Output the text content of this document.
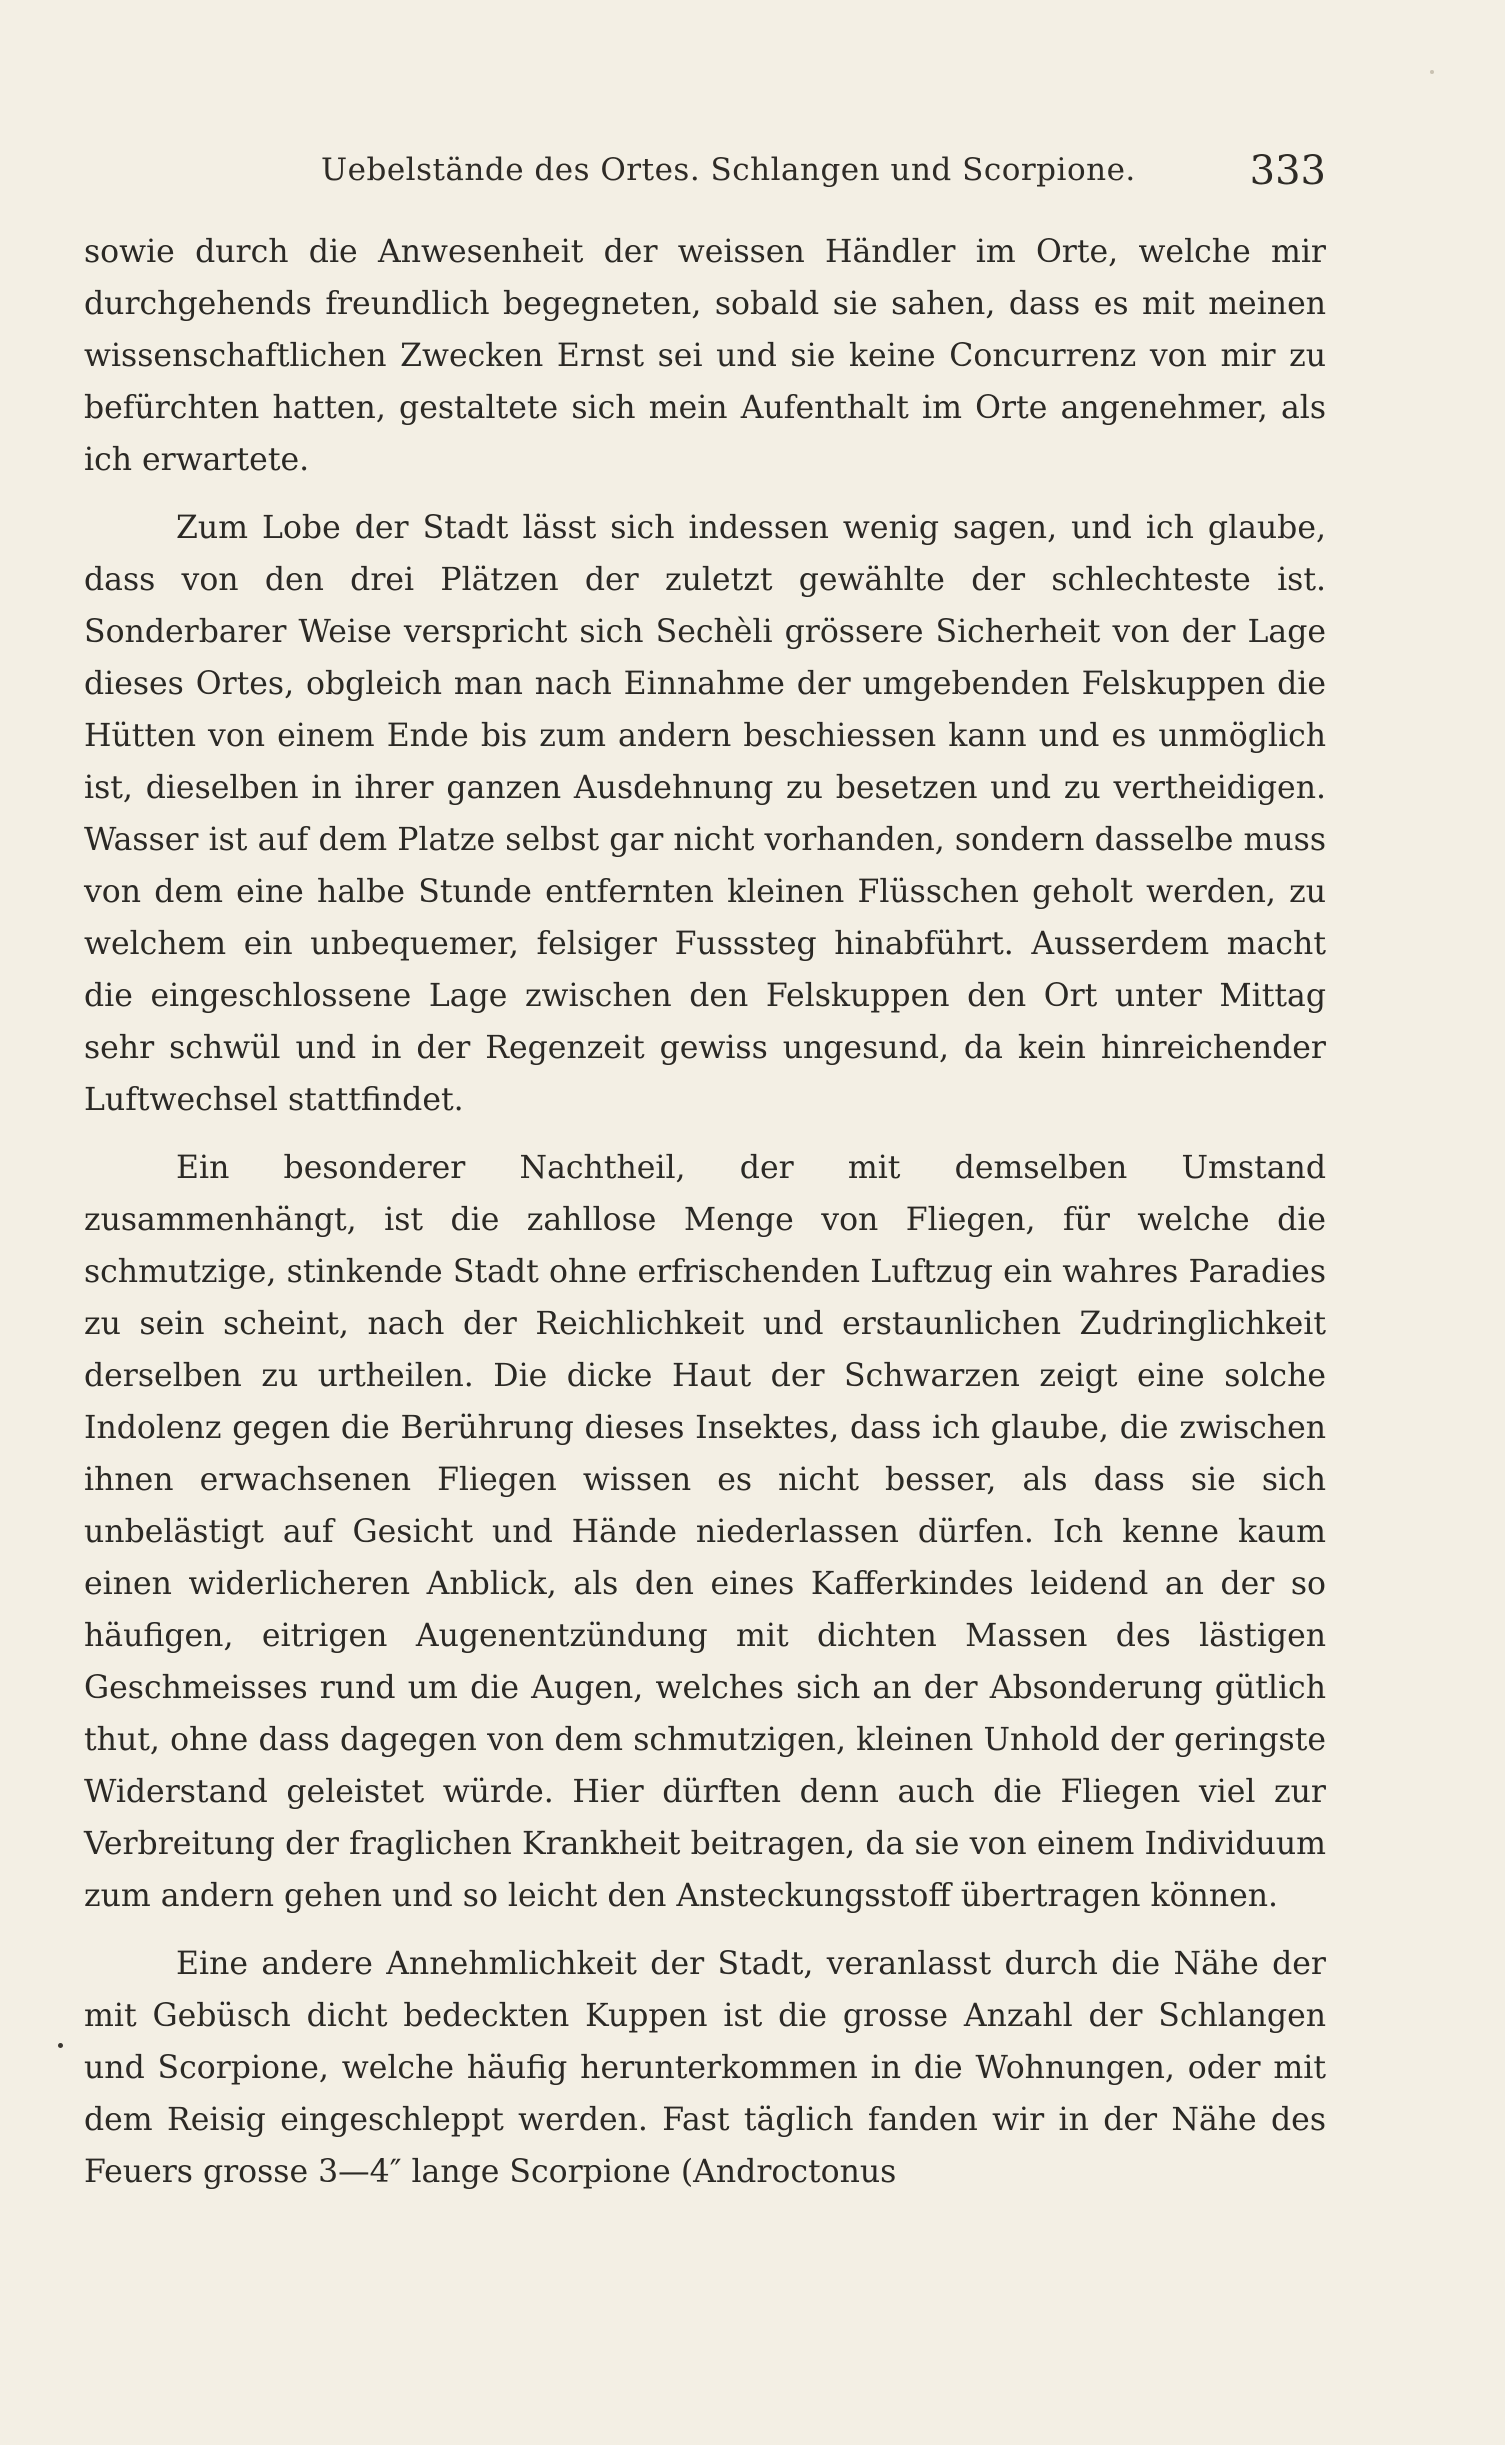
Uebelstände des Ortes. Schlangen und Scorpione.	333

sowie durch die Anwesenheit der weissen Händler im Orte, welche mir durchgehends freundlich begegneten, sobald sie sahen, dass es mit meinen wissenschaftlichen Zwecken Ernst sei und sie keine Concurrenz von mir zu befürchten hatten, gestaltete sich mein Aufenthalt im Orte angenehmer, als ich erwartete.

Zum Lobe der Stadt lässt sich indessen wenig sagen, und ich glaube, dass von den drei Plätzen der zuletzt gewählte der schlechteste ist. Sonderbarer Weise verspricht sich Sechèli grössere Sicherheit von der Lage dieses Ortes, obgleich man nach Einnahme der umgebenden Felskuppen die Hütten von einem Ende bis zum andern beschiessen kann und es unmöglich ist, dieselben in ihrer ganzen Ausdehnung zu besetzen und zu vertheidigen. Wasser ist auf dem Platze selbst gar nicht vorhanden, sondern dasselbe muss von dem eine halbe Stunde entfernten kleinen Flüsschen geholt werden, zu welchem ein unbequemer, felsiger Fusssteg hinabführt. Ausserdem macht die eingeschlossene Lage zwischen den Felskuppen den Ort unter Mittag sehr schwül und in der Regenzeit gewiss ungesund, da kein hinreichender Luftwechsel stattfindet.

Ein besonderer Nachtheil, der mit demselben Umstand zusammenhängt, ist die zahllose Menge von Fliegen, für welche die schmutzige, stinkende Stadt ohne erfrischenden Luftzug ein wahres Paradies zu sein scheint, nach der Reichlichkeit und erstaunlichen Zudringlichkeit derselben zu urtheilen. Die dicke Haut der Schwarzen zeigt eine solche Indolenz gegen die Berührung dieses Insektes, dass ich glaube, die zwischen ihnen erwachsenen Fliegen wissen es nicht besser, als dass sie sich unbelästigt auf Gesicht und Hände niederlassen dürfen. Ich kenne kaum einen widerlicheren Anblick, als den eines Kafferkindes leidend an der so häufigen, eitrigen Augenentzündung mit dichten Massen des lästigen Geschmeisses rund um die Augen, welches sich an der Absonderung gütlich thut, ohne dass dagegen von dem schmutzigen, kleinen Unhold der geringste Widerstand geleistet würde. Hier dürften denn auch die Fliegen viel zur Verbreitung der fraglichen Krankheit beitragen, da sie von einem Individuum zum andern gehen und so leicht den Ansteckungsstoff übertragen können.

Eine andere Annehmlichkeit der Stadt, veranlasst durch die Nähe der mit Gebüsch dicht bedeckten Kuppen ist die grosse Anzahl der Schlangen und Scorpione, welche häufig herunterkommen in die Wohnungen, oder mit dem Reisig eingeschleppt werden. Fast täglich fanden wir in der Nähe des Feuers grosse 3—4″ lange Scorpione (Androctonus
